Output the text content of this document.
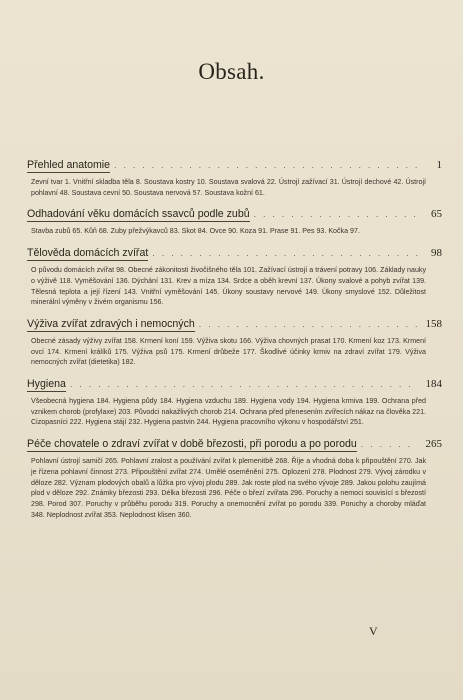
Obsah.
Přehled anatomie . . .	1
Zevní tvar 1. Vnitřní skladba těla 8. Soustava kostry 10. Soustava svalová 22. Ústrojí zažívací 31. Ústrojí dechové 42. Ústrojí pohlavní 48. Soustava cevní 50. Soustava nervová 57. Soustava kožní 61.
Odhadování věku domácích ssavců podle zubů . . .	65
Stavba zubů 65. Kůň 68. Zuby přežvýkavců 83. Skot 84. Ovce 90. Koza 91. Prase 91. Pes 93. Kočka 97.
Tělověda domácích zvířat . . .	98
O původu domácích zvířat 98. Obecné zákonitosti živočišného těla 101. Zažívací ústrojí a trávení potravy 106. Základy nauky o výživě 118. Vyměšování 136. Dýchání 131. Krev a míza 134. Srdce a oběh krevní 137. Úkony svalové a pohyb zvířat 139. Tělesná teplota a její řízení 143. Vnitřní vyměšování 145. Úkony soustavy nervové 149. Úkony smyslové 152. Důležitost minerální výměny v živém organismu 156.
Výživa zvířat zdravých i nemocných . . .	158
Obecné zásady výživy zvířat 158. Krmení koní 159. Výživa skotu 166. Výživa chovných prasat 170. Krmení koz 173. Krmení ovcí 174. Krmení králíků 175. Výživa psů 175. Krmení drůbeže 177. Škodlivé účinky krmiv na zdraví zvířat 179. Výživa nemocných zvířat (dietetika) 182.
Hygiena . . .	184
Všeobecná hygiena 184. Hygiena půdy 184. Hygiena vzduchu 189. Hygiena vody 194. Hygiena krmiva 199. Ochrana před vznikem chorob (profylaxe) 203. Původci nakažlivých chorob 214. Ochrana před přenesením zvířecích nákaz na člověka 221. Cizopasníci 222. Hygiena stájí 232. Hygiena pastvin 244. Hygiena pracovního výkonu v hospodářství 251.
Péče chovatele o zdraví zvířat v době březosti, při porodu a po porodu . . .	265
Pohlavní ústrojí samičí 265. Pohlavní zralost a používání zvířat k plemenitbě 268. Říje a vhodná doba k připouštění 270. Jak je řízena pohlavní činnost 273. Připouštění zvířat 274. Umělé oseměnění 275. Oplození 278. Plodnost 279. Vývoj zárodku v děloze 282. Význam plodových obalů a lůžka pro vývoj plodu 289. Jak roste plod na svého vývoje 289. Jakou polohu zaujímá plod v děloze 292. Známky březosti 293. Délka březosti 296. Péče o březí zvířata 296. Poruchy a nemoci souvisící s březostí 298. Porod 307. Poruchy v průběhu porodu 319. Poruchy a onemocnění zvířat po porodu 339. Poruchy a choroby mláďat 348. Neplodnost zvířat 353. Neplodnost klisen 360.
V
